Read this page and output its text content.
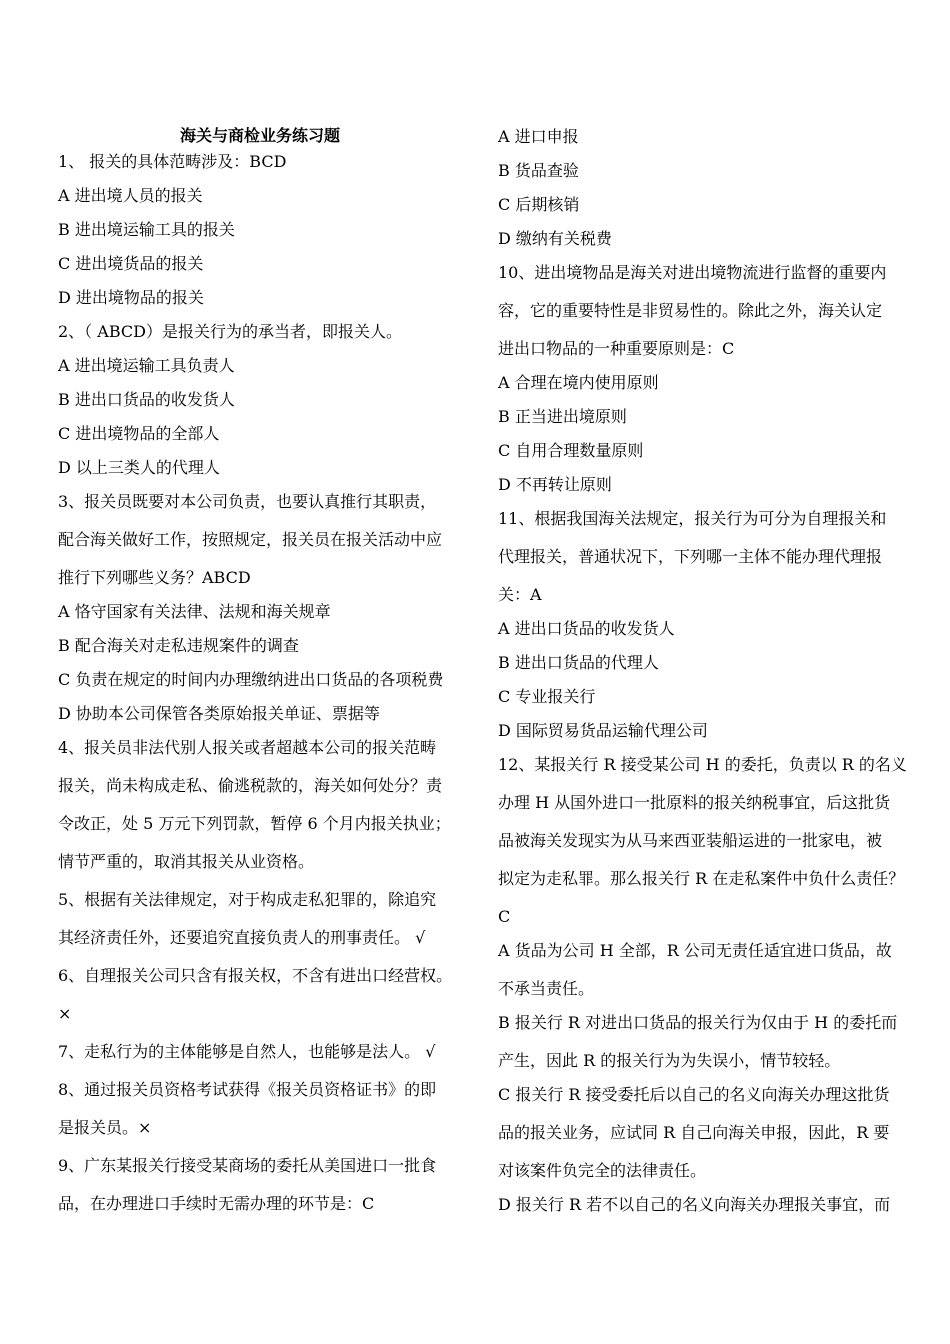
海关与商检业务练习题
1、 报关的具体范畴涉及：BCD
A 进出境人员的报关
B 进出境运输工具的报关
C 进出境货品的报关
D 进出境物品的报关
2、（ ABCD）是报关行为的承当者，即报关人。
A 进出境运输工具负责人
B 进出口货品的收发货人
C 进出境物品的全部人
D 以上三类人的代理人
3、报关员既要对本公司负责，也要认真推行其职责，
配合海关做好工作，按照规定，报关员在报关活动中应
推行下列哪些义务？ABCD
A 恪守国家有关法律、法规和海关规章
B 配合海关对走私违规案件的调查
C 负责在规定的时间内办理缴纳进出口货品的各项税费
D 协助本公司保管各类原始报关单证、票据等
4、报关员非法代别人报关或者超越本公司的报关范畴
报关，尚未构成走私、偷逃税款的，海关如何处分？责
令改正，处 5 万元下列罚款，暂停 6 个月内报关执业；
情节严重的，取消其报关从业资格。
5、根据有关法律规定，对于构成走私犯罪的，除追究
其经济责任外，还要追究直接负责人的刑事责任。 √
6、自理报关公司只含有报关权，不含有进出口经营权。
×
7、走私行为的主体能够是自然人，也能够是法人。 √
8、通过报关员资格考试获得《报关员资格证书》的即
是报关员。×
9、广东某报关行接受某商场的委托从美国进口一批食
品，在办理进口手续时无需办理的环节是：C
A 进口申报
B 货品查验
C 后期核销
D 缴纳有关税费
10、进出境物品是海关对进出境物流进行监督的重要内
容，它的重要特性是非贸易性的。除此之外，海关认定
进出口物品的一种重要原则是：C
A 合理在境内使用原则
B 正当进出境原则
C 自用合理数量原则
D 不再转让原则
11、根据我国海关法规定，报关行为可分为自理报关和
代理报关，普通状况下，下列哪一主体不能办理代理报
关：A
A 进出口货品的收发货人
B 进出口货品的代理人
C 专业报关行
D 国际贸易货品运输代理公司
12、某报关行 R 接受某公司 H 的委托，负责以 R 的名义
办理 H 从国外进口一批原料的报关纳税事宜，后这批货
品被海关发现实为从马来西亚装船运进的一批家电，被
拟定为走私罪。那么报关行 R 在走私案件中负什么责任？
C
A 货品为公司 H 全部，R 公司无责任适宜进口货品，故
不承当责任。
B 报关行 R 对进出口货品的报关行为仅由于 H 的委托而
产生，因此 R 的报关行为为失误小，情节较轻。
C 报关行 R 接受委托后以自己的名义向海关办理这批货
品的报关业务，应试同 R 自己向海关申报，因此，R 要
对该案件负完全的法律责任。
D 报关行 R 若不以自己的名义向海关办理报关事宜，而
